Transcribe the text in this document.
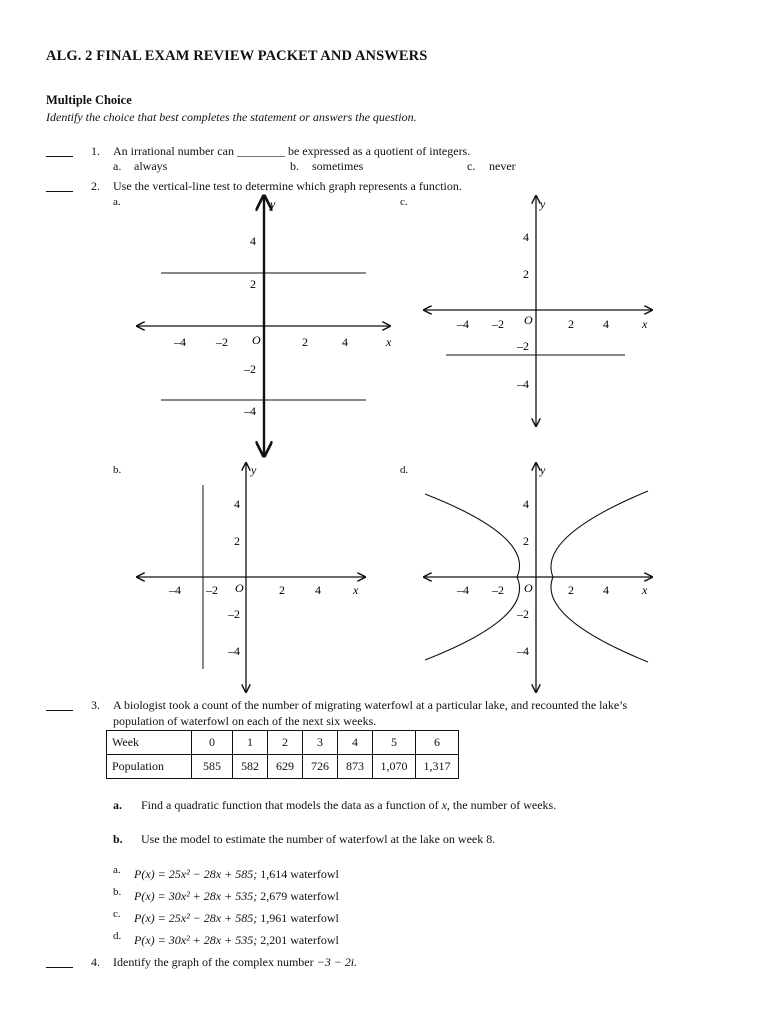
ALG. 2 FINAL EXAM REVIEW PACKET AND ANSWERS
Multiple Choice
Identify the choice that best completes the statement or answers the question.
1. An irrational number can ________ be expressed as a quotient of integers.
a. always	b. sometimes	c. never
2. Use the vertical-line test to determine which graph represents a function.
a.	c.
b.	d.
–4	–2	2	4
4
2
–2
–4
O	x
y
–4 –2	2 4
4
2
–2
–4
O	x
y
–4 –2	2	4
4
2
–2
–4
O	x
y
–4 –2	2 4
4
2
–2
–4
O	x
y
3. A biologist took a count of the number of migrating waterfowl at a particular lake, and recounted the lake’s
population of waterfowl on each of the next six weeks.
Week	0	1	2	3	4	5	6
Population	585	582	629	726	873	1,070	1,317
a. Find a quadratic function that models the data as a function of x, the number of weeks.
b. Use the model to estimate the number of waterfowl at the lake on week 8.
a. P(x) = 25x² − 28x + 585; 1,614 waterfowl
b. P(x) = 30x² + 28x + 535; 2,679 waterfowl
c. P(x) = 25x² − 28x + 585; 1,961 waterfowl
d. P(x) = 30x² + 28x + 535; 2,201 waterfowl
4. Identify the graph of the complex number −3 − 2i.
